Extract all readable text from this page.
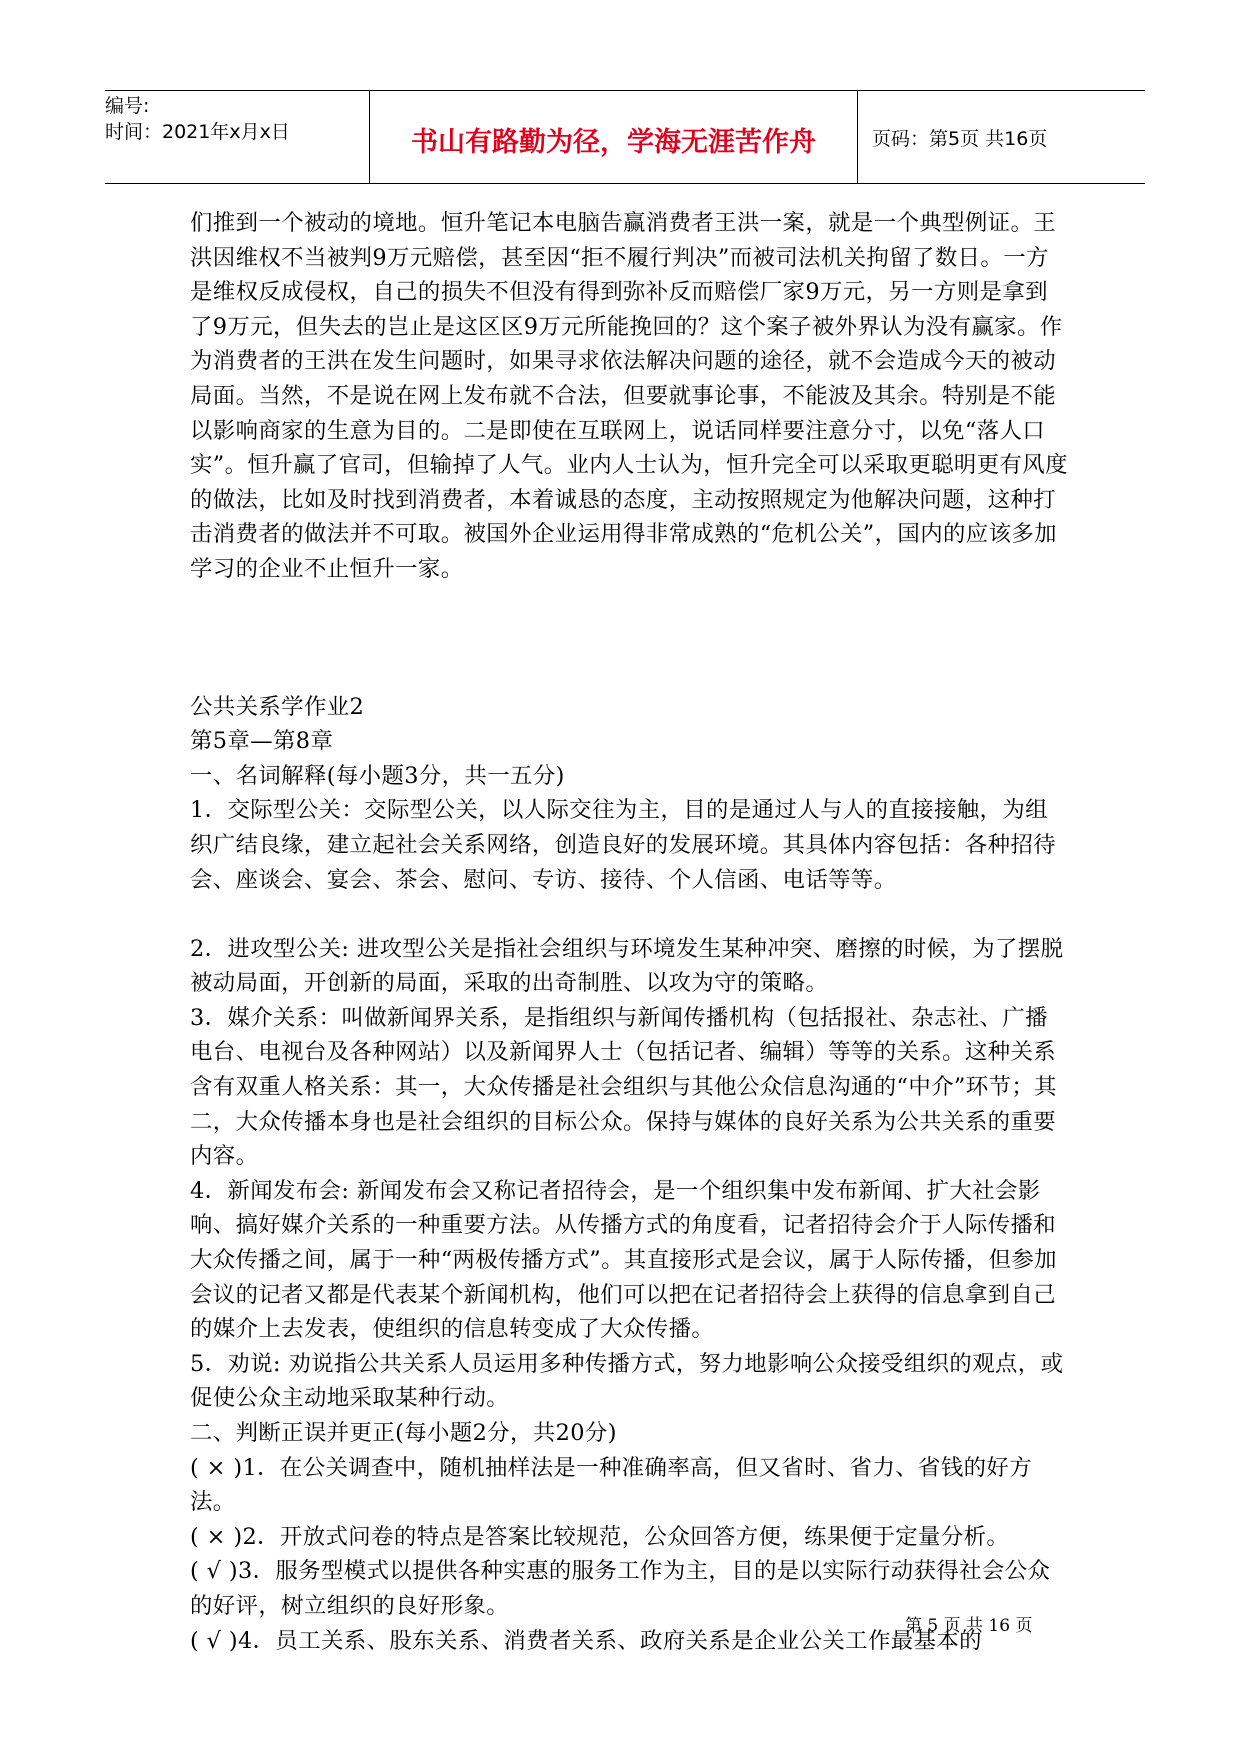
编号:
时间：2021年x月x日	书山有路勤为径，学海无涯苦作舟	页码：第5页 共16页

们推到一个被动的境地。恒升笔记本电脑告赢消费者王洪一案，就是一个典型例证。王洪因维权不当被判9万元赔偿，甚至因“拒不履行判决”而被司法机关拘留了数日。一方是维权反成侵权，自己的损失不但没有得到弥补反而赔偿厂家9万元，另一方则是拿到了9万元，但失去的岂止是这区区9万元所能挽回的？这个案子被外界认为没有赢家。作为消费者的王洪在发生问题时，如果寻求依法解决问题的途径，就不会造成今天的被动局面。当然，不是说在网上发布就不合法，但要就事论事，不能波及其余。特别是不能以影响商家的生意为目的。二是即使在互联网上，说话同样要注意分寸，以免“落人口实”。恒升赢了官司，但输掉了人气。业内人士认为，恒升完全可以采取更聪明更有风度的做法，比如及时找到消费者，本着诚恳的态度，主动按照规定为他解决问题，这种打击消费者的做法并不可取。被国外企业运用得非常成熟的“危机公关”，国内的应该多加学习的企业不止恒升一家。

公共关系学作业2

第5章—第8章

一、名词解释(每小题3分，共一五分)

1．交际型公关：交际型公关，以人际交往为主，目的是通过人与人的直接接触，为组织广结良缘，建立起社会关系网络，创造良好的发展环境。其具体内容包括：各种招待会、座谈会、宴会、茶会、慰问、专访、接待、个人信函、电话等等。

2．进攻型公关: 进攻型公关是指社会组织与环境发生某种冲突、磨擦的时候，为了摆脱被动局面，开创新的局面，采取的出奇制胜、以攻为守的策略。

3．媒介关系：叫做新闻界关系，是指组织与新闻传播机构（包括报社、杂志社、广播电台、电视台及各种网站）以及新闻界人士（包括记者、编辑）等等的关系。这种关系含有双重人格关系：其一，大众传播是社会组织与其他公众信息沟通的“中介”环节；其二，大众传播本身也是社会组织的目标公众。保持与媒体的良好关系为公共关系的重要内容。

4．新闻发布会: 新闻发布会又称记者招待会，是一个组织集中发布新闻、扩大社会影响、搞好媒介关系的一种重要方法。从传播方式的角度看，记者招待会介于人际传播和大众传播之间，属于一种“两极传播方式”。其直接形式是会议，属于人际传播，但参加会议的记者又都是代表某个新闻机构，他们可以把在记者招待会上获得的信息拿到自己的媒介上去发表，使组织的信息转变成了大众传播。

5．劝说: 劝说指公共关系人员运用多种传播方式，努力地影响公众接受组织的观点，或促使公众主动地采取某种行动。

二、判断正误并更正(每小题2分，共20分)

( × )1．在公关调查中，随机抽样法是一种准确率高，但又省时、省力、省钱的好方法。

( × )2．开放式问卷的特点是答案比较规范，公众回答方便，练果便于定量分析。

( √ )3．服务型模式以提供各种实惠的服务工作为主，目的是以实际行动获得社会公众的好评，树立组织的良好形象。

( √ )4．员工关系、股东关系、消费者关系、政府关系是企业公关工作最基本的

第 5 页 共 16 页
